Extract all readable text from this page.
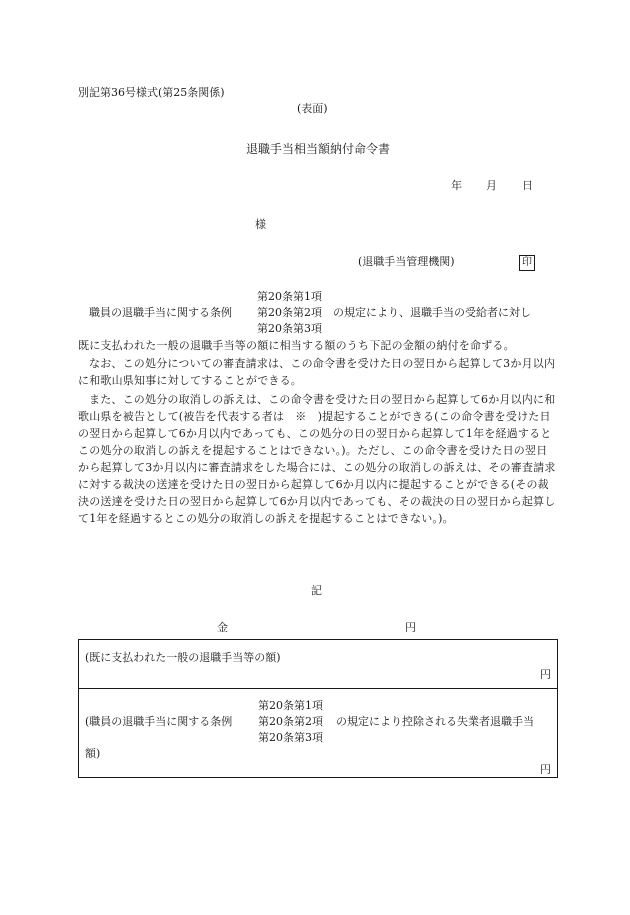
別記第36号様式(第25条関係)
(表面)
退職手当相当額納付命令書
年 月 日
様
(退職手当管理機関)	印
第20条第1項
職員の退職手当に関する条例 第20条第2項 の規定により、退職手当の受給者に対し
第20条第3項
既に支払われた一般の退職手当等の額に相当する額のうち下記の金額の納付を命ずる。
なお、この処分についての審査請求は、この命令書を受けた日の翌日から起算して3か月以内に和歌山県知事に対してすることができる。
また、この処分の取消しの訴えは、この命令書を受けた日の翌日から起算して6か月以内に和歌山県を被告として(被告を代表する者は　※　)提起することができる(この命令書を受けた日の翌日から起算して6か月以内であっても、この処分の日の翌日から起算して1年を経過するとこの処分の取消しの訴えを提起することはできない。)。ただし、この命令書を受けた日の翌日から起算して3か月以内に審査請求をした場合には、この処分の取消しの訴えは、その審査請求に対する裁決の送達を受けた日の翌日から起算して6か月以内に提起することができる(その裁決の送達を受けた日の翌日から起算して6か月以内であっても、その裁決の日の翌日から起算して1年を経過するとこの処分の取消しの訴えを提起することはできない。)。
記
金	円
(既に支払われた一般の退職手当等の額)
円

第20条第1項
(職員の退職手当に関する条例 第20条第2項 の規定により控除される失業者退職手当
第20条第3項
額)
円
